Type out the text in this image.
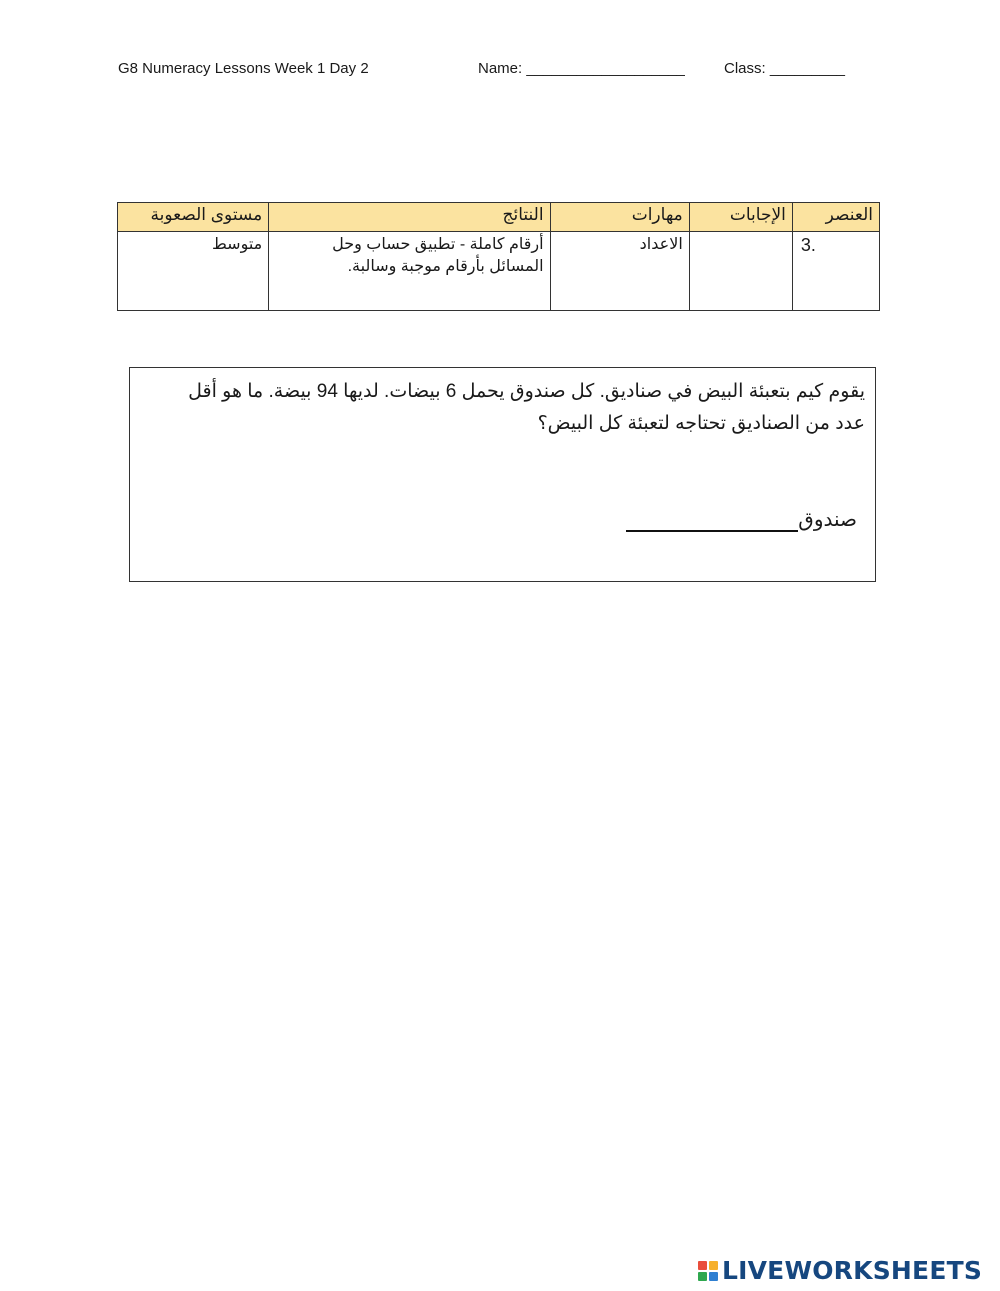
G8 Numeracy Lessons Week 1 Day 2	Name: ___________________	Class: _________
العنصر	الإجابات	مهارات	النتائج	مستوى الصعوبة
3.		الاعداد	أرقام كاملة - تطبيق حساب وحل المسائل بأرقام موجبة وسالبة.	متوسط
يقوم كيم بتعبئة البيض في صناديق. كل صندوق يحمل 6 بيضات. لديها 94 بيضة. ما هو أقل عدد من الصناديق تحتاجه لتعبئة كل البيض؟
صندوق
LIVEWORKSHEETS
